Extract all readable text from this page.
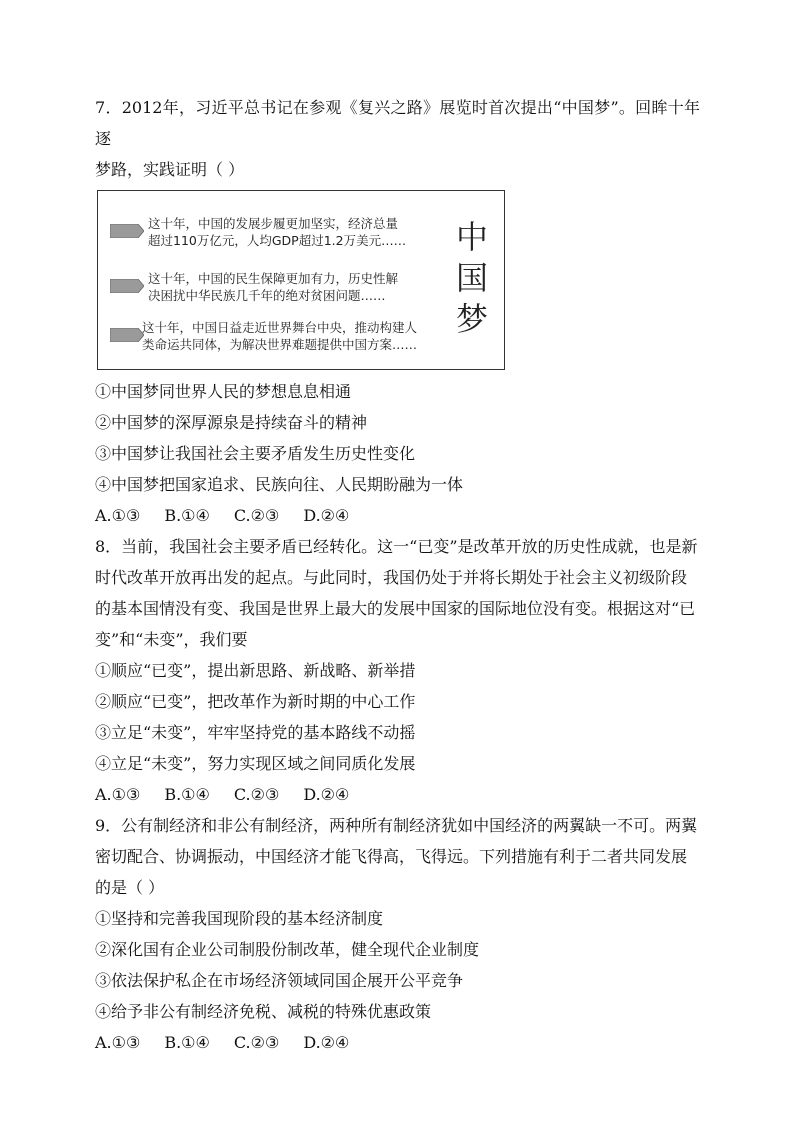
7．2012年，习近平总书记在参观《复兴之路》展览时首次提出“中国梦”。回眸十年逐

梦路，实践证明（ ）

这十年，中国的发展步履更加坚实，经济总量
超过110万亿元，人均GDP超过1.2万美元……
这十年，中国的民生保障更加有力，历史性解
决困扰中华民族几千年的绝对贫困问题……
这十年，中国日益走近世界舞台中央，推动构建人
类命运共同体，为解决世界难题提供中国方案……
中
国
梦

①中国梦同世界人民的梦想息息相通

②中国梦的深厚源泉是持续奋斗的精神

③中国梦让我国社会主要矛盾发生历史性变化

④中国梦把国家追求、民族向往、人民期盼融为一体

A.①③ B.①④ C.②③ D.②④

8．当前，我国社会主要矛盾已经转化。这一“已变”是改革开放的历史性成就，也是新

时代改革开放再出发的起点。与此同时，我国仍处于并将长期处于社会主义初级阶段

的基本国情没有变、我国是世界上最大的发展中国家的国际地位没有变。根据这对“已

变”和“未变”，我们要

①顺应“已变”，提出新思路、新战略、新举措

②顺应“已变”，把改革作为新时期的中心工作

③立足“未变”，牢牢坚持党的基本路线不动摇

④立足“未变”，努力实现区域之间同质化发展

A.①③ B.①④ C.②③ D.②④

9．公有制经济和非公有制经济，两种所有制经济犹如中国经济的两翼缺一不可。两翼

密切配合、协调振动，中国经济才能飞得高，飞得远。下列措施有利于二者共同发展

的是（ ）

①坚持和完善我国现阶段的基本经济制度

②深化国有企业公司制股份制改革，健全现代企业制度

③依法保护私企在市场经济领域同国企展开公平竞争

④给予非公有制经济免税、减税的特殊优惠政策

A.①③ B.①④ C.②③ D.②④
